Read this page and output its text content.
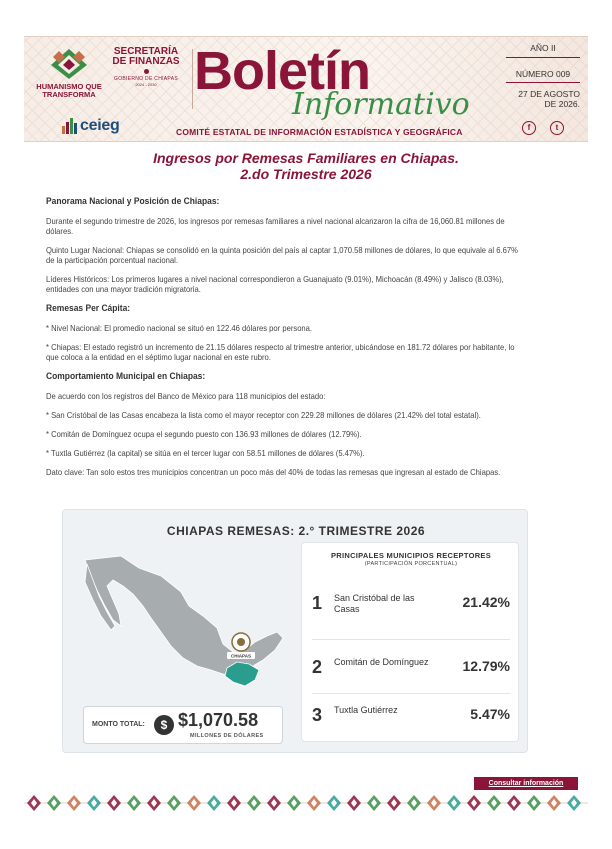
HUMANISMO QUE TRANSFORMA
SECRETARÍA
DE FINANZAS
GOBIERNO DE CHIAPAS
2024 - 2030
ceieg
Boletín
Informativo
COMITÉ ESTATAL DE INFORMACIÓN ESTADÍSTICA Y GEOGRÁFICA
AÑO II
NÚMERO 009
27 DE AGOSTO
DE 2026.
f	t
Ingresos por Remesas Familiares en Chiapas.
2.do Trimestre 2026
Panorama Nacional y Posición de Chiapas:

Durante el segundo trimestre de 2026, los ingresos por remesas familiares a nivel nacional alcanzaron la cifra de 16,060.81 millones de dólares.

Quinto Lugar Nacional: Chiapas se consolidó en la quinta posición del país al captar 1,070.58 millones de dólares, lo que equivale al 6.67% de la participación porcentual nacional.

Líderes Históricos: Los primeros lugares a nivel nacional correspondieron a Guanajuato (9.01%), Michoacán (8.49%) y Jalisco (8.03%), entidades con una mayor tradición migratoria.

Remesas Per Cápita:

* Nivel Nacional: El promedio nacional se situó en 122.46 dólares por persona.

* Chiapas: El estado registró un incremento de 21.15 dólares respecto al trimestre anterior, ubicándose en 181.72 dólares por habitante, lo que coloca a la entidad en el séptimo lugar nacional en este rubro.

Comportamiento Municipal en Chiapas:

De acuerdo con los registros del Banco de México para 118 municipios del estado:

* San Cristóbal de las Casas encabeza la lista como el mayor receptor con 229.28 millones de dólares (21.42% del total estatal).

* Comitán de Domínguez ocupa el segundo puesto con 136.93 millones de dólares (12.79%).

* Tuxtla Gutiérrez (la capital) se sitúa en el tercer lugar con 58.51 millones de dólares (5.47%).

Dato clave: Tan solo estos tres municipios concentran un poco más del 40% de todas las remesas que ingresan al estado de Chiapas.

CHIAPAS REMESAS: 2.° TRIMESTRE 2026
CHIAPAS
MONTO TOTAL:	$ $1,070.58
MILLONES DE DÓLARES
PRINCIPALES MUNICIPIOS RECEPTORES
(PARTICIPACIÓN PORCENTUAL)
1 San Cristóbal de las Casas	21.42%
2 Comitán de Domínguez 12.79%
3 Tuxtla Gutiérrez	5.47%
Consultar información
